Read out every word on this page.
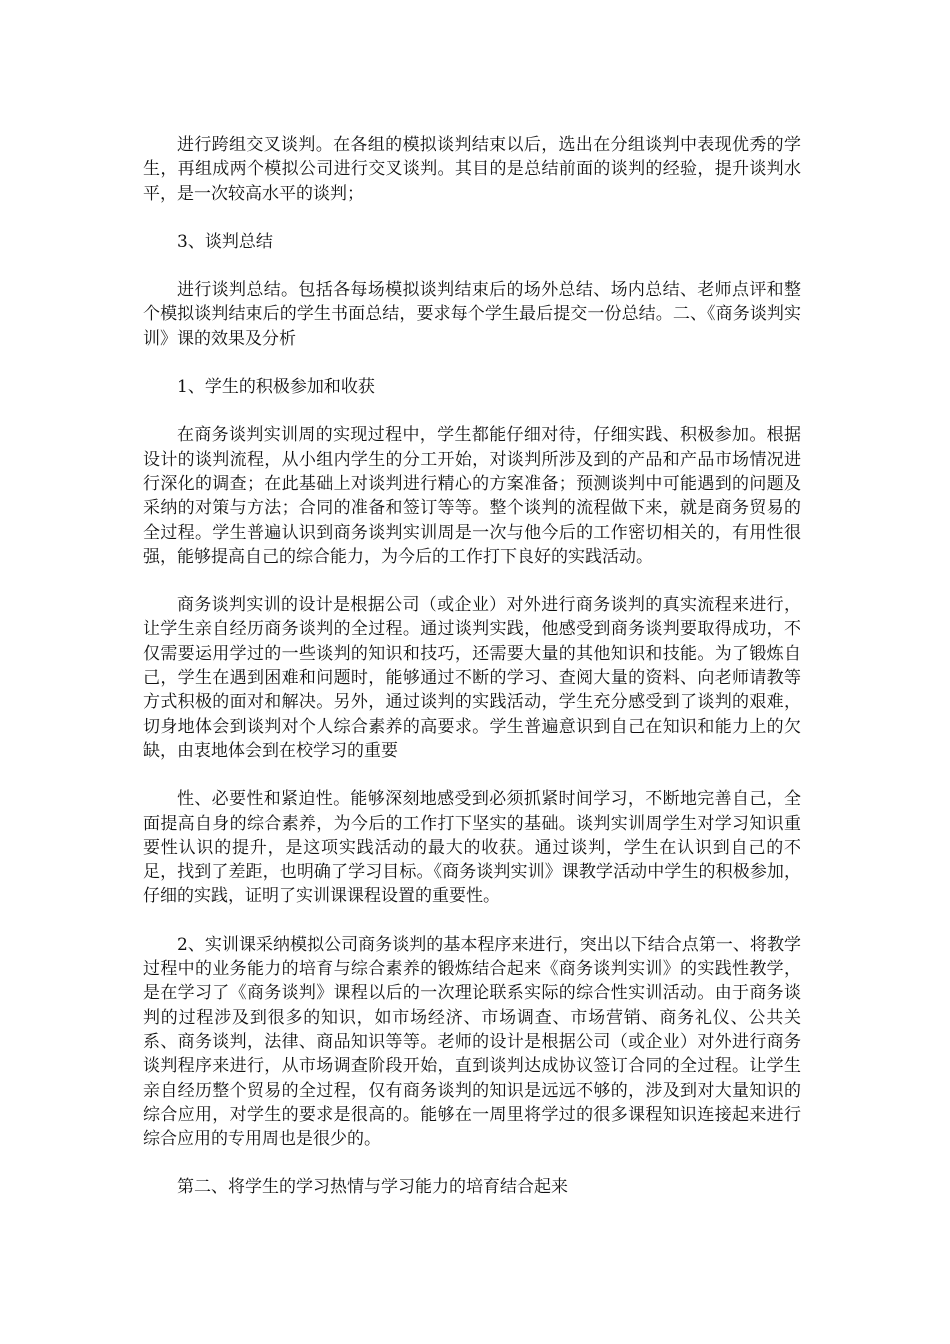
进行跨组交叉谈判。在各组的模拟谈判结束以后，选出在分组谈判中表现优秀的学生，再组成两个模拟公司进行交叉谈判。其目的是总结前面的谈判的经验，提升谈判水平，是一次较高水平的谈判；

3、谈判总结

进行谈判总结。包括各每场模拟谈判结束后的场外总结、场内总结、老师点评和整个模拟谈判结束后的学生书面总结，要求每个学生最后提交一份总结。二、《商务谈判实训》课的效果及分析

1、学生的积极参加和收获

在商务谈判实训周的实现过程中，学生都能仔细对待，仔细实践、积极参加。根据设计的谈判流程，从小组内学生的分工开始，对谈判所涉及到的产品和产品市场情况进行深化的调查；在此基础上对谈判进行精心的方案准备；预测谈判中可能遇到的问题及采纳的对策与方法；合同的准备和签订等等。整个谈判的流程做下来，就是商务贸易的全过程。学生普遍认识到商务谈判实训周是一次与他今后的工作密切相关的，有用性很强，能够提高自己的综合能力，为今后的工作打下良好的实践活动。

商务谈判实训的设计是根据公司（或企业）对外进行商务谈判的真实流程来进行，让学生亲自经历商务谈判的全过程。通过谈判实践，他感受到商务谈判要取得成功，不仅需要运用学过的一些谈判的知识和技巧，还需要大量的其他知识和技能。为了锻炼自己，学生在遇到困难和问题时，能够通过不断的学习、查阅大量的资料、向老师请教等方式积极的面对和解决。另外，通过谈判的实践活动，学生充分感受到了谈判的艰难，切身地体会到谈判对个人综合素养的高要求。学生普遍意识到自己在知识和能力上的欠缺，由衷地体会到在校学习的重要

性、必要性和紧迫性。能够深刻地感受到必须抓紧时间学习，不断地完善自己，全面提高自身的综合素养，为今后的工作打下坚实的基础。谈判实训周学生对学习知识重要性认识的提升，是这项实践活动的最大的收获。通过谈判，学生在认识到自己的不足，找到了差距，也明确了学习目标。《商务谈判实训》课教学活动中学生的积极参加，仔细的实践，证明了实训课课程设置的重要性。

2、实训课采纳模拟公司商务谈判的基本程序来进行，突出以下结合点第一、将教学过程中的业务能力的培育与综合素养的锻炼结合起来《商务谈判实训》的实践性教学，是在学习了《商务谈判》课程以后的一次理论联系实际的综合性实训活动。由于商务谈判的过程涉及到很多的知识，如市场经济、市场调查、市场营销、商务礼仪、公共关系、商务谈判，法律、商品知识等等。老师的设计是根据公司（或企业）对外进行商务谈判程序来进行，从市场调查阶段开始，直到谈判达成协议签订合同的全过程。让学生亲自经历整个贸易的全过程，仅有商务谈判的知识是远远不够的，涉及到对大量知识的综合应用，对学生的要求是很高的。能够在一周里将学过的很多课程知识连接起来进行综合应用的专用周也是很少的。

第二、将学生的学习热情与学习能力的培育结合起来
